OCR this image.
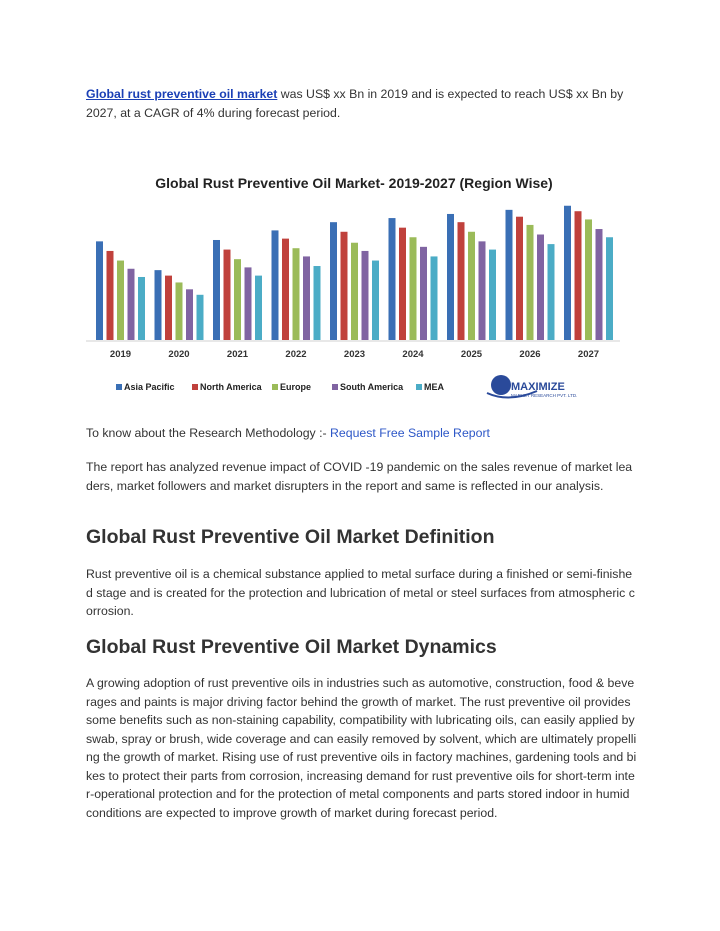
Global rust preventive oil market was US$ xx Bn in 2019 and is expected to reach US$ xx Bn by 2027, at a CAGR of 4% during forecast period.

Global Rust Preventive Oil Market- 2019-2027 (Region Wise)
2019	2020	2021	2022	2023	2024	2025	2026	2027
Asia Pacific	North America Europe	South America MEA	MAXIMIZE
MARKET RESEARCH PVT. LTD.

To know about the Research Methodology :- Request Free Sample Report

The report has analyzed revenue impact of COVID -19 pandemic on the sales revenue of market leaders, market followers and market disrupters in the report and same is reflected in our analysis.

Global Rust Preventive Oil Market Definition

Rust preventive oil is a chemical substance applied to metal surface during a finished or semi-finished stage and is created for the protection and lubrication of metal or steel surfaces from atmospheric corrosion.

Global Rust Preventive Oil Market Dynamics

A growing adoption of rust preventive oils in industries such as automotive, construction, food & beverages and paints is major driving factor behind the growth of market. The rust preventive oil provides some benefits such as non-staining capability, compatibility with lubricating oils, can easily applied by swab, spray or brush, wide coverage and can easily removed by solvent, which are ultimately propelling the growth of market. Rising use of rust preventive oils in factory machines, gardening tools and bikes to protect their parts from corrosion, increasing demand for rust preventive oils for short-term inter-operational protection and for the protection of metal components and parts stored indoor in humid conditions are expected to improve growth of market during forecast period.
